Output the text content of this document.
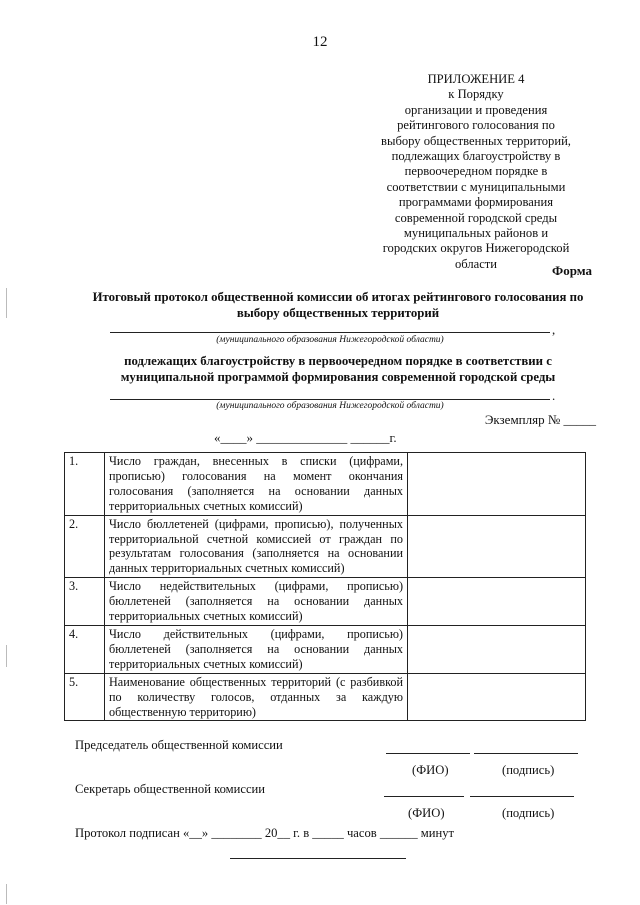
12
ПРИЛОЖЕНИЕ 4
к Порядку
организации и проведения
рейтингового голосования по
выбору общественных территорий,
подлежащих благоустройству в
первоочередном порядке в
соответствии с муниципальными
программами формирования
современной городской среды
муниципальных районов и
городских округов Нижегородской
области	Форма
Итоговый протокол общественной комиссии об итогах рейтингового голосования по выбору общественных территорий
,
(муниципального образования Нижегородской области)
подлежащих благоустройству в первоочередном порядке в соответствии с муниципальной программой формирования современной городской среды
.
(муниципального образования Нижегородской области)
Экземпляр № _____
«____» ______________ ______г.
1.	Число граждан, внесенных в списки (цифрами, прописью) голосования на момент окончания голосования (заполняется на основании данных территориальных счетных комиссий)	
2.	Число бюллетеней (цифрами, прописью), полученных территориальной счетной комиссией от граждан по результатам голосования (заполняется на основании данных территориальных счетных комиссий)	
3.	Число недействительных (цифрами, прописью) бюллетеней (заполняется на основании данных территориальных счетных комиссий)	
4.	Число действительных (цифрами, прописью) бюллетеней (заполняется на основании данных территориальных счетных комиссий)	
5.	Наименование общественных территорий (с разбивкой по количеству голосов, отданных за каждую общественную территорию)	
Председатель общественной комиссии
(ФИО)	(подпись)
Секретарь общественной комиссии
(ФИО)	(подпись)
Протокол подписан «__» ________ 20__ г. в _____ часов ______ минут
